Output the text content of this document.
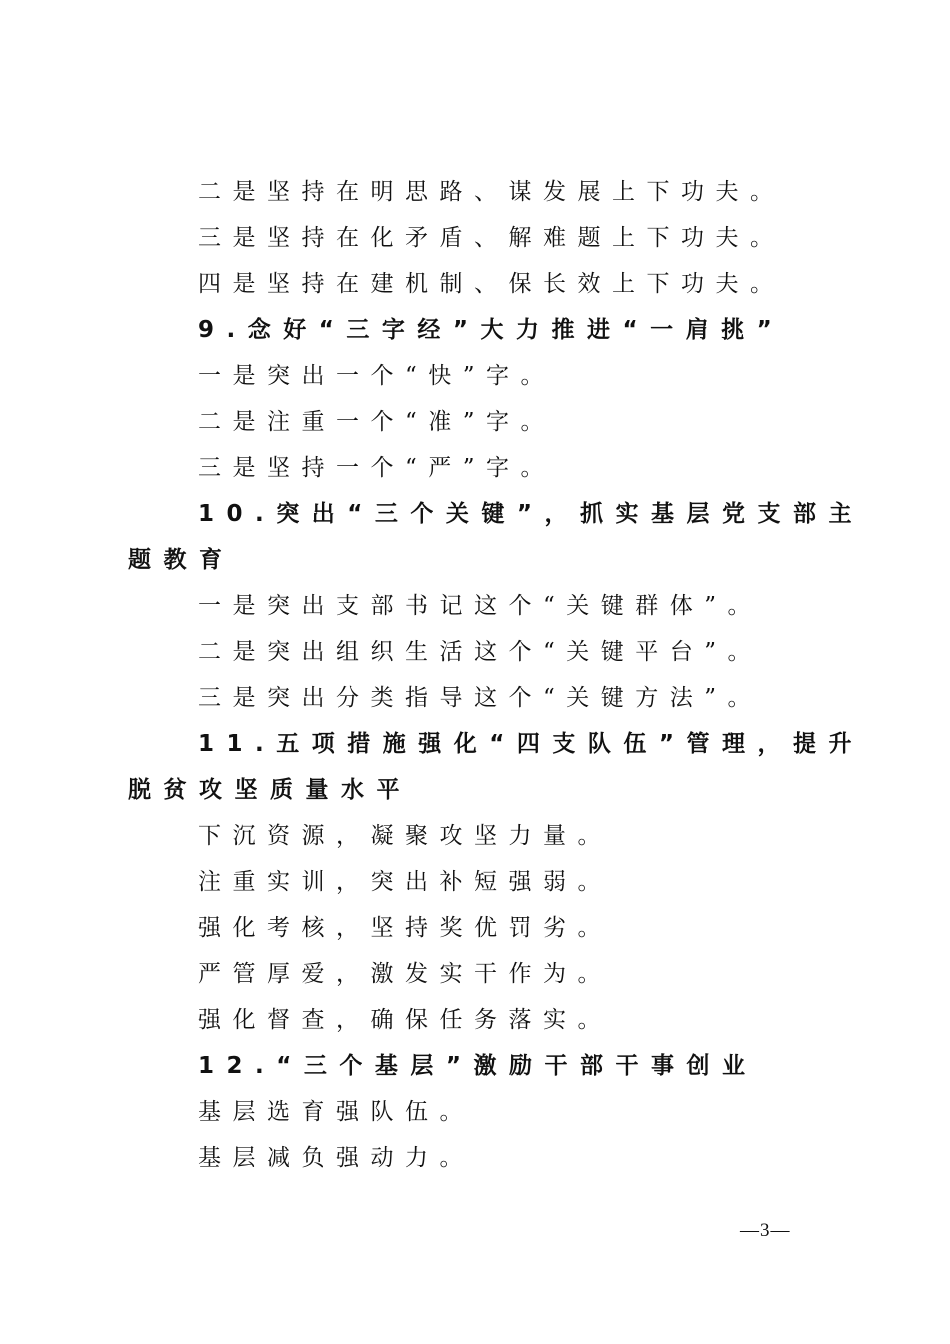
二是坚持在明思路、谋发展上下功夫。
三是坚持在化矛盾、解难题上下功夫。
四是坚持在建机制、保长效上下功夫。
9.念好“三字经”大力推进“一肩挑”
一是突出一个“快”字。
二是注重一个“准”字。
三是坚持一个“严”字。
10.突出“三个关键”，抓实基层党支部主
题教育
一是突出支部书记这个“关键群体”。
二是突出组织生活这个“关键平台”。
三是突出分类指导这个“关键方法”。
11.五项措施强化“四支队伍”管理，提升
脱贫攻坚质量水平
下沉资源，凝聚攻坚力量。
注重实训，突出补短强弱。
强化考核，坚持奖优罚劣。
严管厚爱，激发实干作为。
强化督查，确保任务落实。
12.“三个基层”激励干部干事创业
基层选育强队伍。
基层减负强动力。
—3—
